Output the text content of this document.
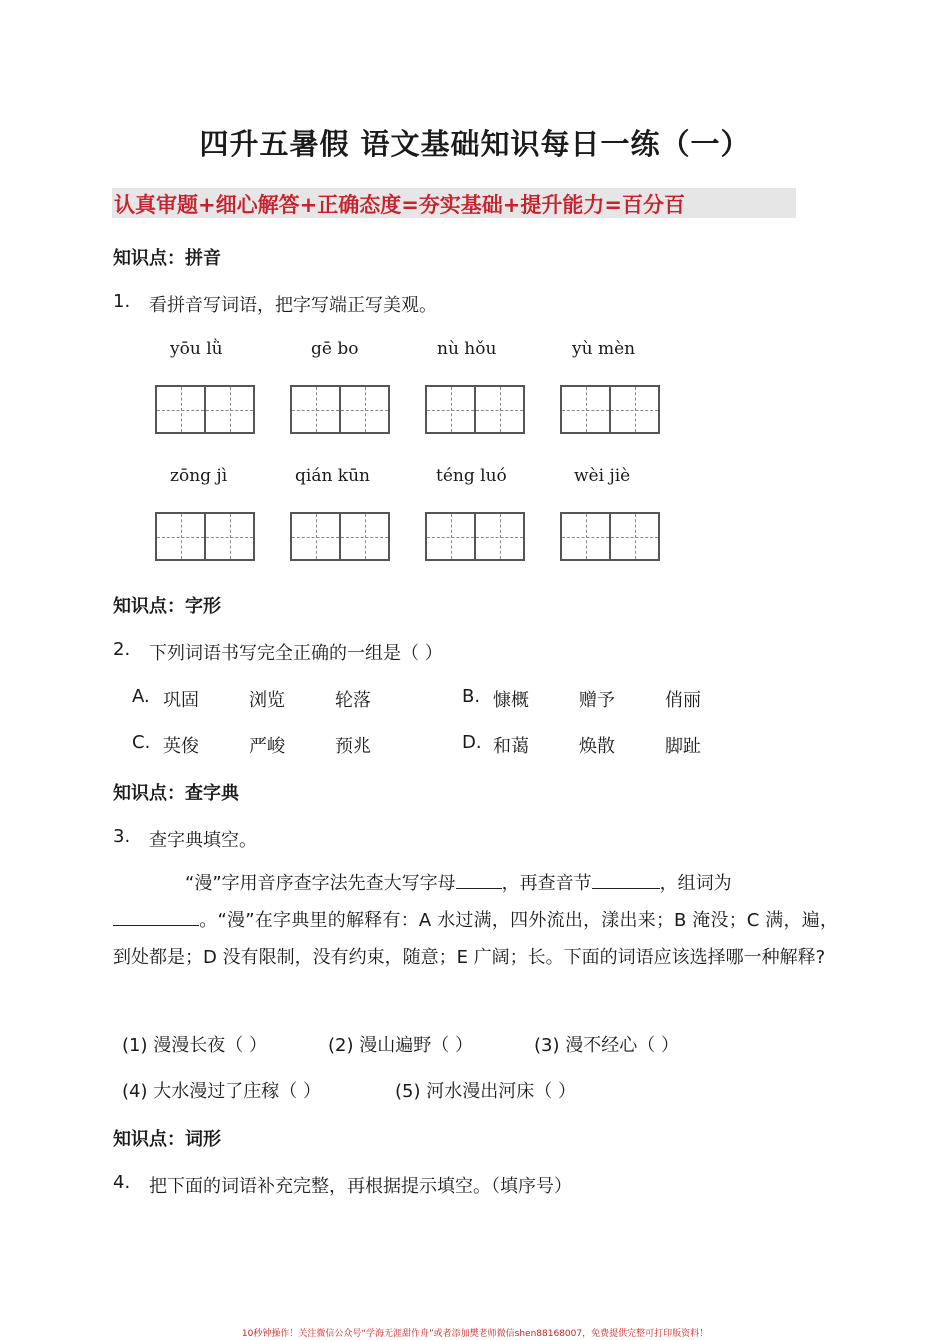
四升五暑假 语文基础知识每日一练（一）
认真审题+细心解答+正确态度=夯实基础+提升能力=百分百
知识点：拼音
1. 看拼音写词语，把字写端正写美观。
yōu lǜ	gē bo	nù hǒu	yù mèn
zōng jì	qián kūn	téng luó	wèi jiè
知识点：字形
2. 下列词语书写完全正确的一组是（ ）
A. 巩固	浏览	轮落	B. 慷概	赠予	俏丽
C. 英俊	严峻	预兆	D. 和蔼	焕散	脚趾
知识点：查字典
3. 查字典填空。
“漫”字用音序查字法先查大写字母	，再查音节	，组词为
。“漫”在字典里的解释有：A 水过满，四外流出，漾出来；B 淹没；C 满，遍，到处都是；D 没有限制，没有约束，随意；E 广阔；长。下面的词语应该选择哪一种解释?
(1) 漫漫长夜（ ）	(2) 漫山遍野（ ）	(3) 漫不经心（ ）
(4) 大水漫过了庄稼（ ）	(5) 河水漫出河床（ ）
知识点：词形
4. 把下面的词语补充完整，再根据提示填空。（填序号）
10秒钟操作！关注微信公众号“学海无涯甜作舟”或者添加樊老师微信shen88168007，免费提供完整可打印版资料！
